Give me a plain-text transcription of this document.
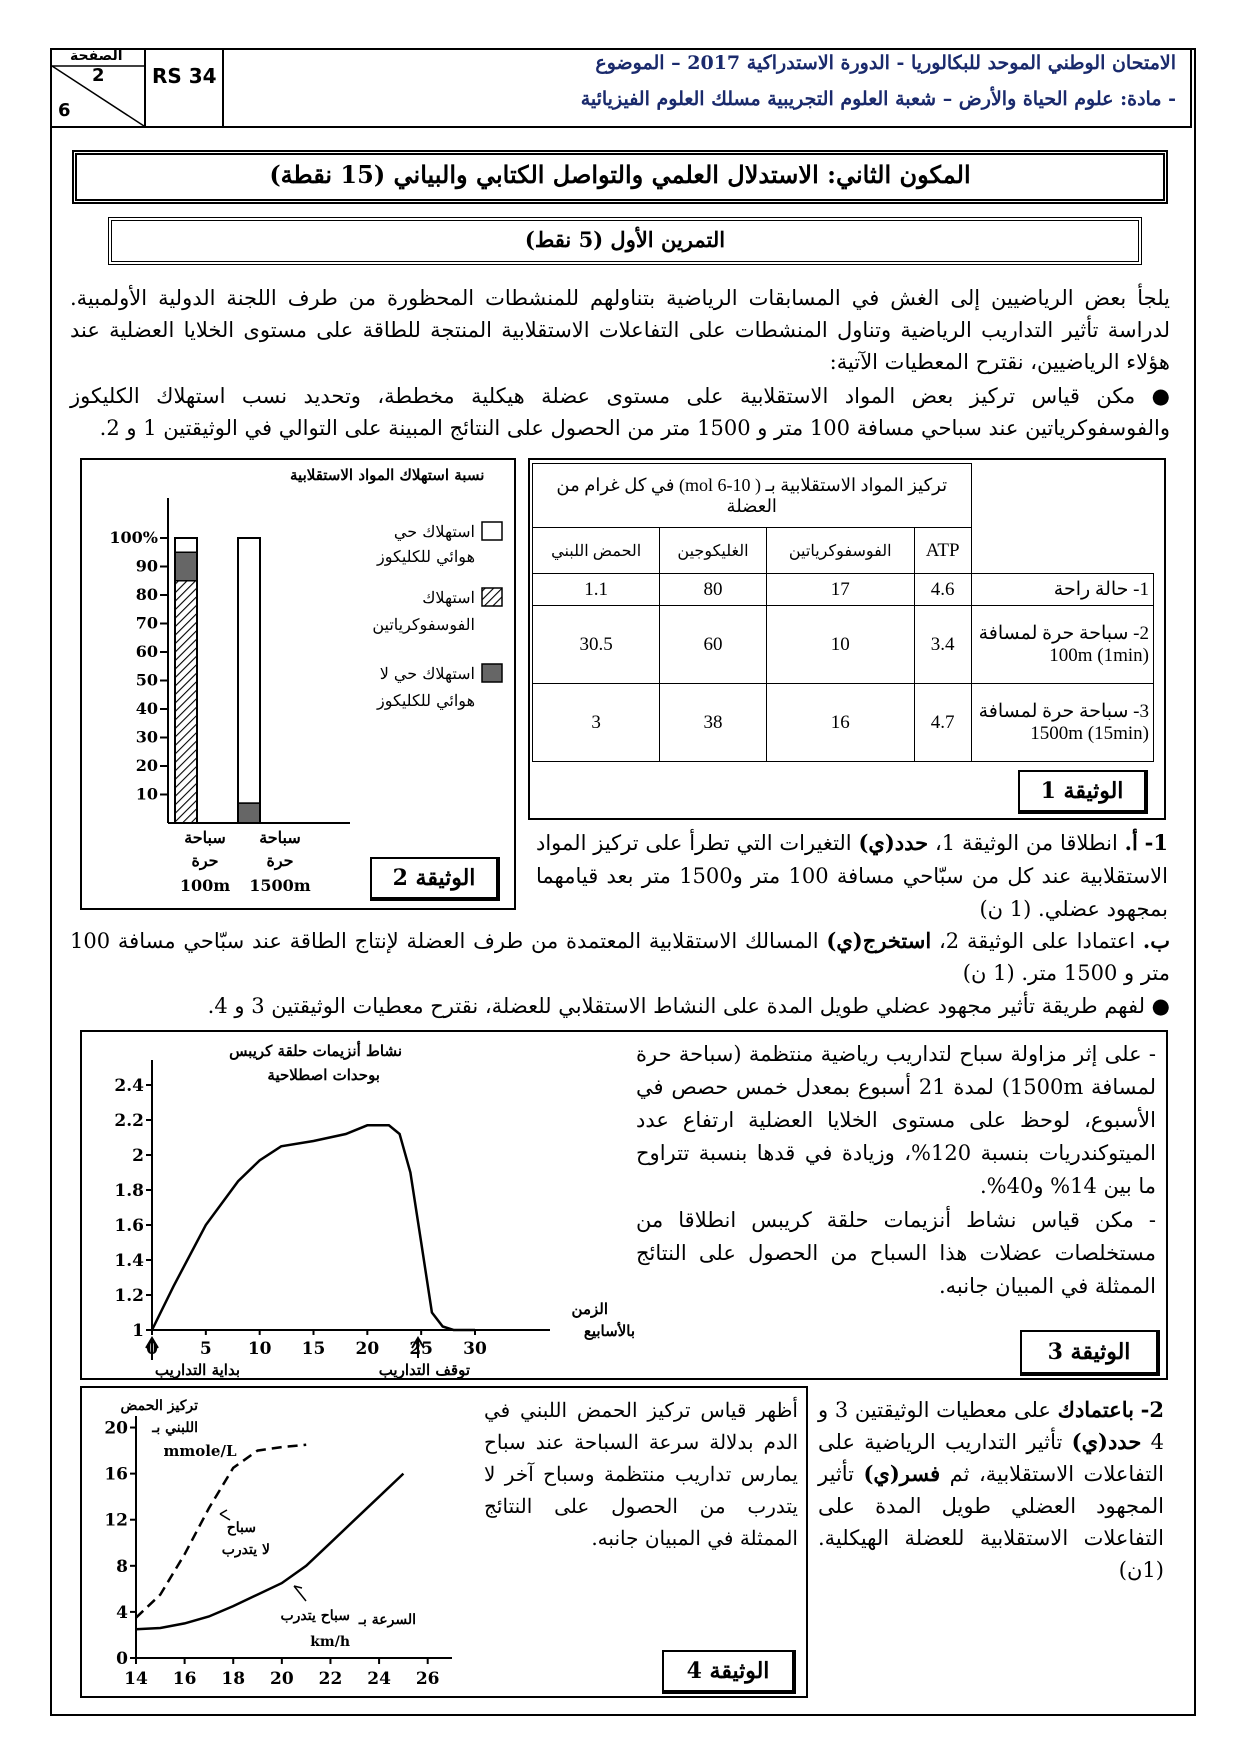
الصفحة
2
6
RS 34
الامتحان الوطني الموحد للبكالوريا - الدورة الاستدراكية 2017 – الموضوع
- مادة: علوم الحياة والأرض – شعبة العلوم التجريبية مسلك العلوم الفيزيائية
المكون الثاني: الاستدلال العلمي والتواصل الكتابي والبياني (15 نقطة)
التمرين الأول (5 نقط)
يلجأ بعض الرياضيين إلى الغش في المسابقات الرياضية بتناولهم للمنشطات المحظورة من طرف اللجنة الدولية الأولمبية. لدراسة تأثير التداريب الرياضية وتناول المنشطات على التفاعلات الاستقلابية المنتجة للطاقة على مستوى الخلايا العضلية عند هؤلاء الرياضيين، نقترح المعطيات الآتية:
● مكن قياس تركيز بعض المواد الاستقلابية على مستوى عضلة هيكلية مخططة، وتحديد نسب استهلاك الكليكوز والفوسفوكرياتين عند سباحي مسافة 100 متر و 1500 متر من الحصول على النتائج المبينة على التوالي في الوثيقتين 1 و 2.
	تركيز المواد الاستقلابية بـ ( 10-6 mol) في كل غرام من العضلة			
	ATP	الفوسفوكرياتين	الغليكوجين	الحمض اللبني
1- حالة راحة	4.6	17	80	1.1
2- سباحة حرة لمسافة 100m (1min)	3.4	10	60	30.5
3- سباحة حرة لمسافة 1500m (15min)	4.7	16	38	3
الوثيقة 1
نسبة استهلاك المواد الاستقلابية
100%
90
80
70
60
50
40
30
20
10
سباحة
حرة
100m
سباحة
حرة
1500m
استهلاك حي
هوائي للكليكوز
استهلاك
الفوسفوكرياتين
استهلاك حي لا
هوائي للكليكوز
الوثيقة 2
1- أ. انطلاقا من الوثيقة 1، حدد(ي) التغيرات التي تطرأ على تركيز المواد الاستقلابية عند كل من سبّاحي مسافة 100 متر و1500 متر بعد قيامهما بمجهود عضلي. (1 ن)
ب. اعتمادا على الوثيقة 2، استخرج(ي) المسالك الاستقلابية المعتمدة من طرف العضلة لإنتاج الطاقة عند سبّاحي مسافة 100 متر و 1500 متر. (1 ن)
● لفهم طريقة تأثير مجهود عضلي طويل المدة على النشاط الاستقلابي للعضلة، نقترح معطيات الوثيقتين 3 و 4.
- على إثر مزاولة سباح لتداريب رياضية منتظمة (سباحة حرة لمسافة 1500m) لمدة 21 أسبوع بمعدل خمس حصص في الأسبوع، لوحظ على مستوى الخلايا العضلية ارتفاع عدد الميتوكندريات بنسبة 120%، وزيادة في قدها بنسبة تتراوح ما بين 14% و40%.
- مكن قياس نشاط أنزيمات حلقة كريبس انطلاقا من مستخلصات عضلات هذا السباح من الحصول على النتائج الممثلة في المبيان جانبه.
نشاط أنزيمات حلقة كريبس
بوحدات اصطلاحية
1
1.2
1.4
1.6
1.8
2
2.2
2.4
0 5 10 15 20 25 30
الزمن
بالأسابيع
بداية التداريب	توقف التداريب
الوثيقة 3
أظهر قياس تركيز الحمض اللبني في الدم بدلالة سرعة السباحة عند سباح يمارس تداريب منتظمة وسباح آخر لا يتدرب من الحصول على النتائج الممثلة في المبيان جانبه.
تركيز الحمض
اللبني بـ
mmole/L
0
4
8
12
16
20
14 16 18 20 22 24 26
سباح
لا يتدرب
سباح يتدرب السرعة بـ
km/h
الوثيقة 4
2- باعتمادك على معطيات الوثيقتين 3 و 4 حدد(ي) تأثير التداريب الرياضية على التفاعلات الاستقلابية، ثم فسر(ي) تأثير المجهود العضلي طويل المدة على التفاعلات الاستقلابية للعضلة الهيكلية. (1ن)
